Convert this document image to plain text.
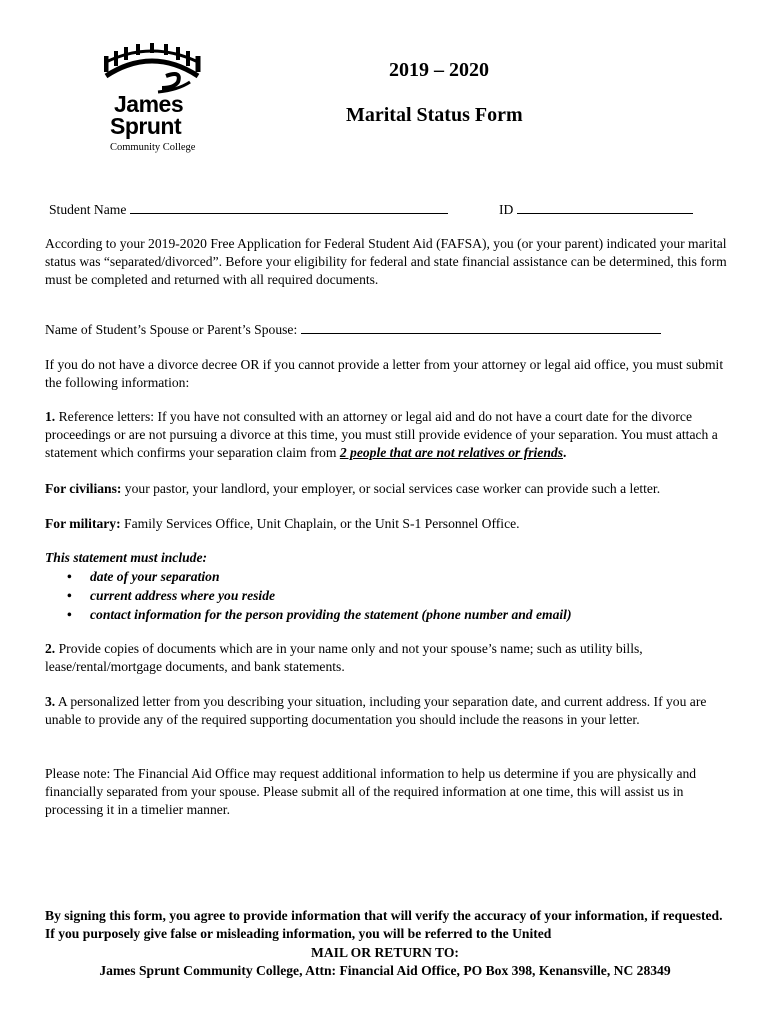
James
Sprunt
Community College
2019 – 2020
Marital Status Form
Student Name	ID
According to your 2019-2020 Free Application for Federal Student Aid (FAFSA), you (or your parent) indicated your marital status was “separated/divorced”. Before your eligibility for federal and state financial assistance can be determined, this form must be completed and returned with all required documents.
Name of Student’s Spouse or Parent’s Spouse:
If you do not have a divorce decree OR if you cannot provide a letter from your attorney or legal aid office, you must submit the following information:
1. Reference letters: If you have not consulted with an attorney or legal aid and do not have a court date for the divorce proceedings or are not pursuing a divorce at this time, you must still provide evidence of your separation. You must attach a statement which confirms your separation claim from 2 people that are not relatives or friends.
For civilians: your pastor, your landlord, your employer, or social services case worker can provide such a letter.
For military: Family Services Office, Unit Chaplain, or the Unit S-1 Personnel Office.
This statement must include:
• date of your separation
• current address where you reside
• contact information for the person providing the statement (phone number and email)
2. Provide copies of documents which are in your name only and not your spouse’s name; such as utility bills, lease/rental/mortgage documents, and bank statements.
3. A personalized letter from you describing your situation, including your separation date, and current address. If you are unable to provide any of the required supporting documentation you should include the reasons in your letter.
Please note: The Financial Aid Office may request additional information to help us determine if you are physically and financially separated from your spouse. Please submit all of the required information at one time, this will assist us in processing it in a timelier manner.
By signing this form, you agree to provide information that will verify the accuracy of your information, if requested. If you purposely give false or misleading information, you will be referred to the United
MAIL OR RETURN TO:
James Sprunt Community College, Attn: Financial Aid Office, PO Box 398, Kenansville, NC 28349
